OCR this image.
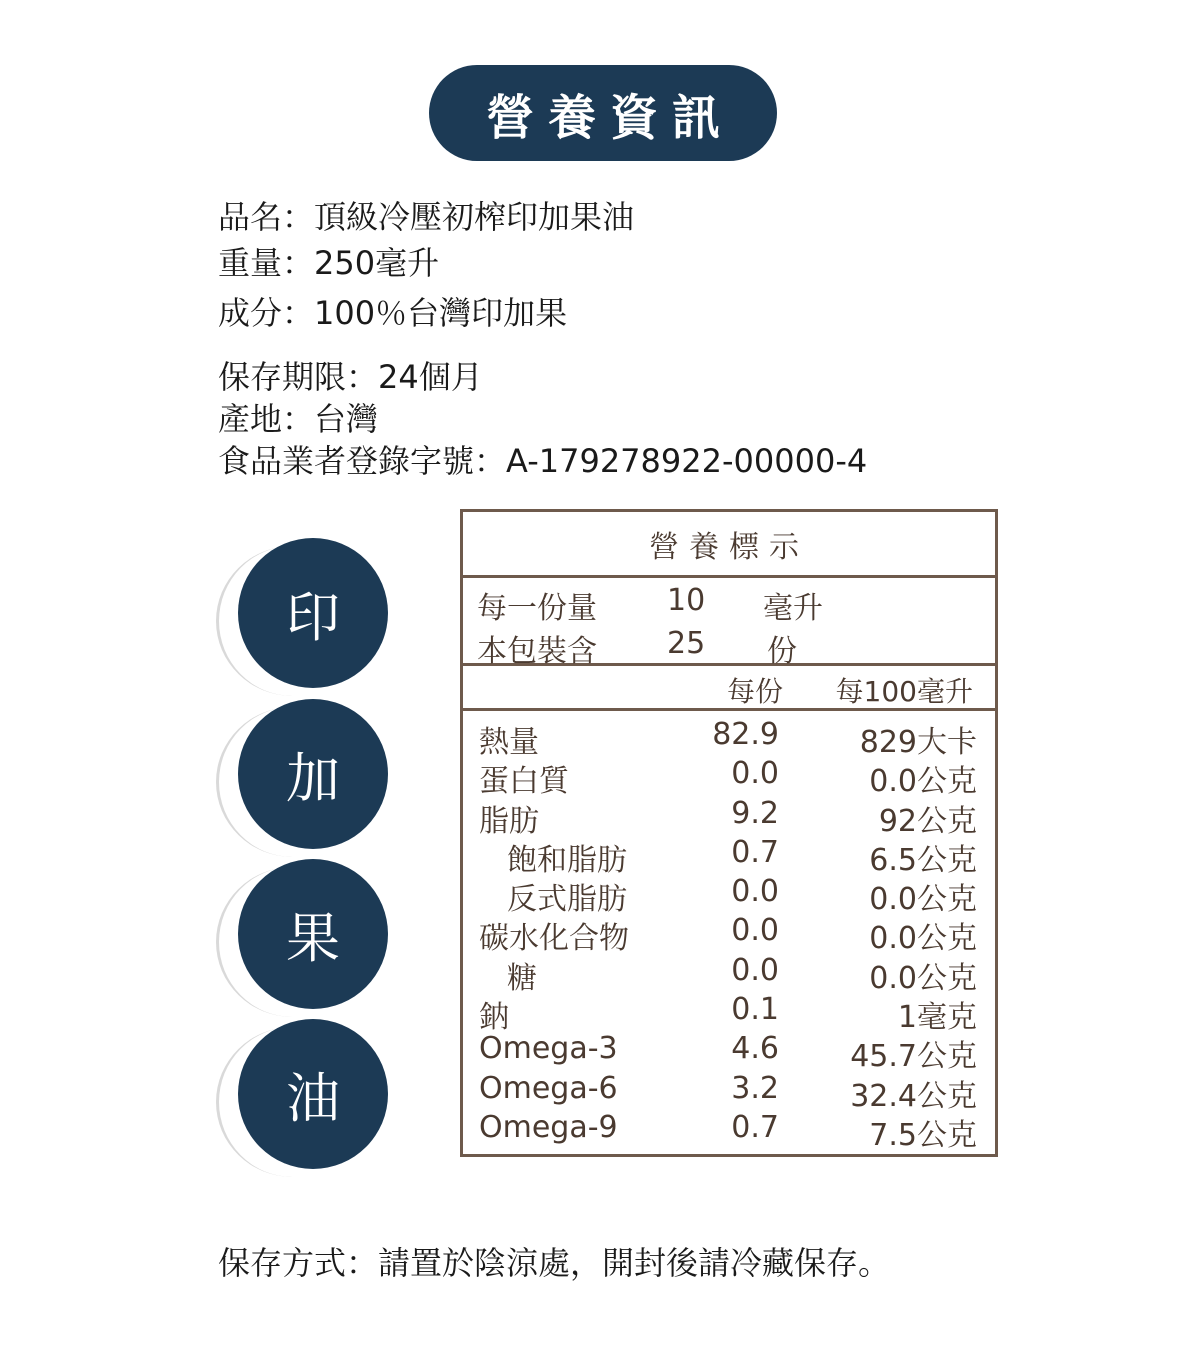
營養資訊
品名：頂級冷壓初榨印加果油
重量：250毫升
成分：100％台灣印加果
保存期限：24個月
產地：台灣
食品業者登錄字號：A-179278922-00000-4
印
加
果
油
營養標示
每一份量 10 毫升
本包裝含 25 份
每份 每100毫升
熱量	82.9	829大卡
蛋白質	0.0	0.0公克
脂肪	9.2	92公克
飽和脂肪	0.7	6.5公克
反式脂肪	0.0	0.0公克
碳水化合物	0.0	0.0公克
糖	0.0	0.0公克
鈉	0.1	1毫克
Omega-3	4.6 45.7公克
Omega-6	3.2 32.4公克
Omega-9	0.7	7.5公克
保存方式：請置於陰涼處，開封後請冷藏保存。
